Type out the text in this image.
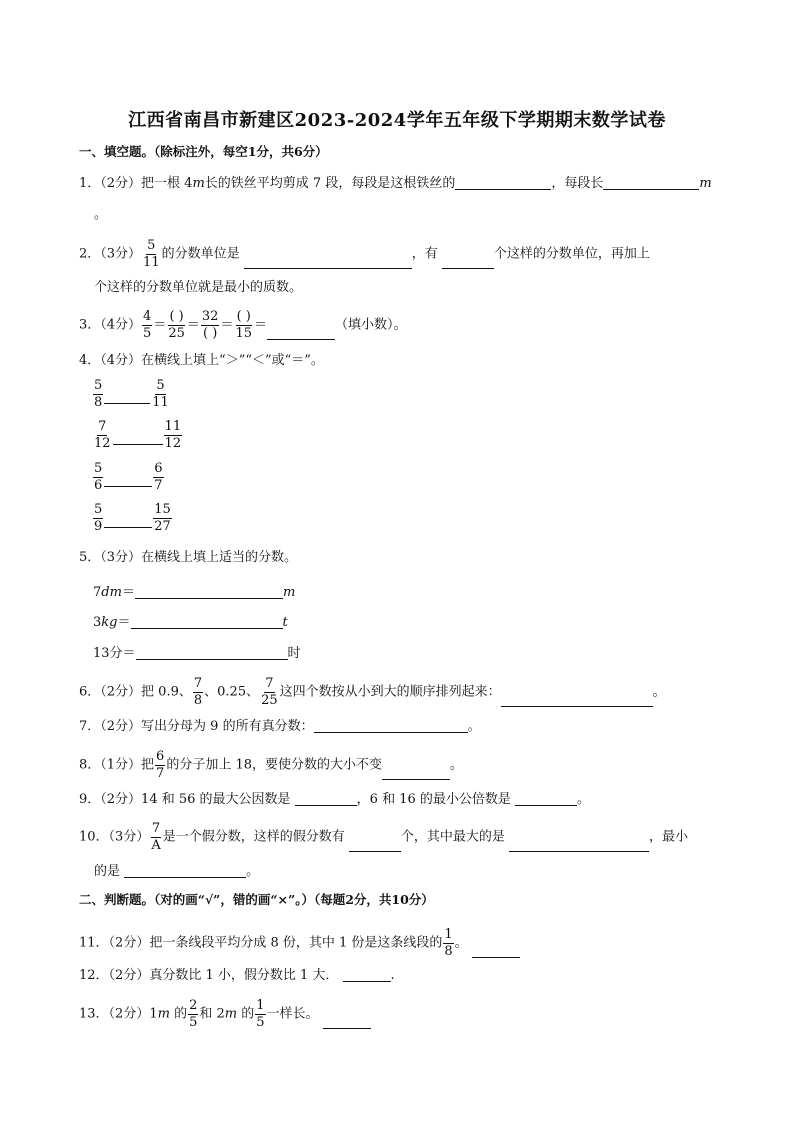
江西省南昌市新建区2023-2024学年五年级下学期期末数学试卷
一、填空题。（除标注外，每空1分，共6分）
1．（2分）把一根 4m长的铁丝平均剪成 7 段，每段是这根铁丝的	，每段长	m
。
2．（3分） $\frac{5}{11}$ 的分数单位是	，有	个这样的分数单位，再加上
个这样的分数单位就是最小的质数。
3．（4分） $\frac{4}{5} = \frac{( )}{25} = \frac{32}{( )} = \frac{( )}{15}$ ＝	（填小数）。
4．（4分）在横线上填上“＞”“＜”或“＝”。
$\frac{5}{8}$	$\frac{5}{11}$
$\frac{7}{12}$	$\frac{11}{12}$
$\frac{5}{6}$	$\frac{6}{7}$
$\frac{5}{9}$	$\frac{15}{27}$
5．（3分）在横线上填上适当的分数。
7dm＝	m
3kg＝	t
13分＝	时
6．（2分）把 0.9、 $\frac{7}{8}$ 、0.25、 $\frac{7}{25}$ 这四个数按从小到大的顺序排列起来：	。
7．（2分）写出分母为 9 的所有真分数：	。
8．（1分）把 $\frac{6}{7}$ 的分子加上 18，要使分数的大小不变	。
9．（2分）14 和 56 的最大公因数是	，6 和 16 的最小公倍数是	。
10．（3分） $\frac{7}{A}$ 是一个假分数，这样的假分数有	个，其中最大的是	，最小
的是	。
二、判断题。（对的画“√”，错的画“×”。）（每题2分，共10分）
11．（2分）把一条线段平均分成 8 份，其中 1 份是这条线段的 $\frac{1}{8}$ 。
12．（2分）真分数比 1 小，假分数比 1 大．	.
13．（2分）1m 的 $\frac{2}{5}$ 和 2m 的 $\frac{1}{5}$ 一样长。
